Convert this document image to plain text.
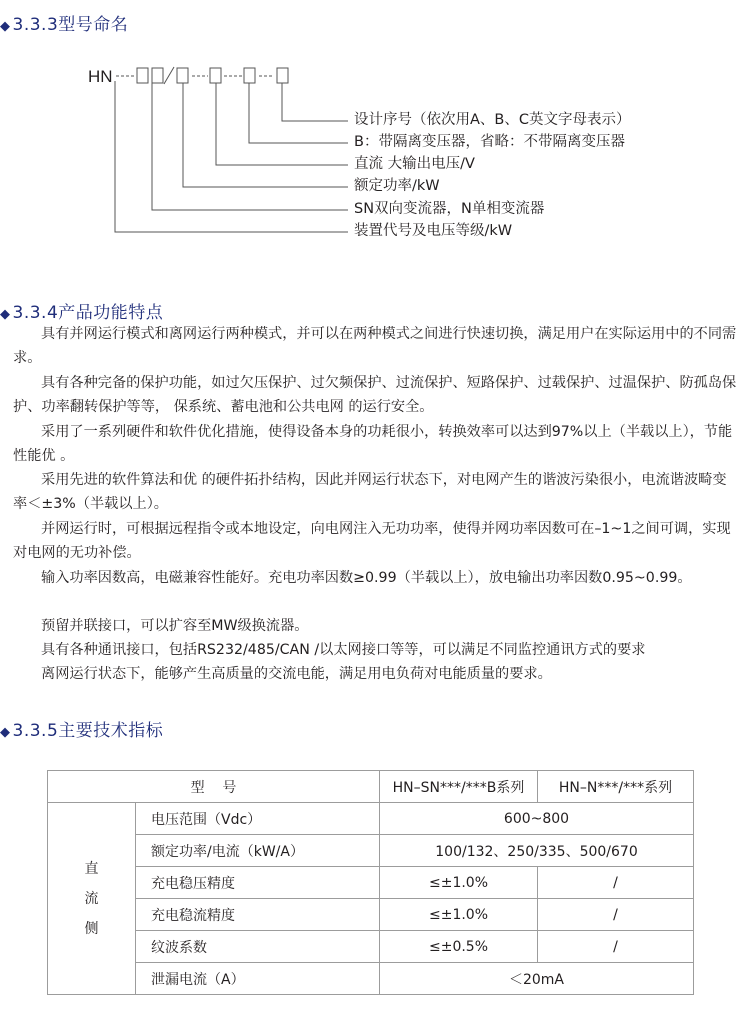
◆ 3.3.3型号命名
HN
设计序号（依次用A、B、C英文字母表示）
B：带隔离变压器，省略：不带隔离变压器
直流 大输出电压/V
额定功率/kW
SN双向变流器，N单相变流器
装置代号及电压等级/kW
◆ 3.3.4产品功能特点

具有并网运行模式和离网运行两种模式，并可以在两种模式之间进行快速切换，满足用户在实际运用中的不同需求。

具有各种完备的保护功能，如过欠压保护、过欠频保护、过流保护、短路保护、过载保护、过温保护、防孤岛保护、功率翻转保护等等， 保系统、蓄电池和公共电网 的运行安全。

采用了一系列硬件和软件优化措施，使得设备本身的功耗很小，转换效率可以达到97%以上（半载以上），节能性能优 。

采用先进的软件算法和优 的硬件拓扑结构，因此并网运行状态下，对电网产生的谐波污染很小，电流谐波畸变率＜±3%（半载以上）。

并网运行时，可根据远程指令或本地设定，向电网注入无功功率，使得并网功率因数可在–1~1之间可调，实现对电网的无功补偿。

输入功率因数高，电磁兼容性能好。充电功率因数≥0.99（半载以上），放电输出功率因数0.95~0.99。

预留并联接口，可以扩容至MW级换流器。

具有各种通讯接口，包括RS232/485/CAN /以太网接口等等，可以满足不同监控通讯方式的要求

离网运行状态下，能够产生高质量的交流电能，满足用电负荷对电能质量的要求。

◆ 3.3.5主要技术指标
型    号		HN–SN***/***B系列	HN–N***/***系列
直
流
侧	电压范围（Vdc）	600~800	
	额定功率/电流（kW/A）	100/132、250/335、500/670	
	充电稳压精度	≤±1.0%	/
	充电稳流精度	≤±1.0%	/
	纹波系数	≤±0.5%	/
	泄漏电流（A）	＜20mA	
